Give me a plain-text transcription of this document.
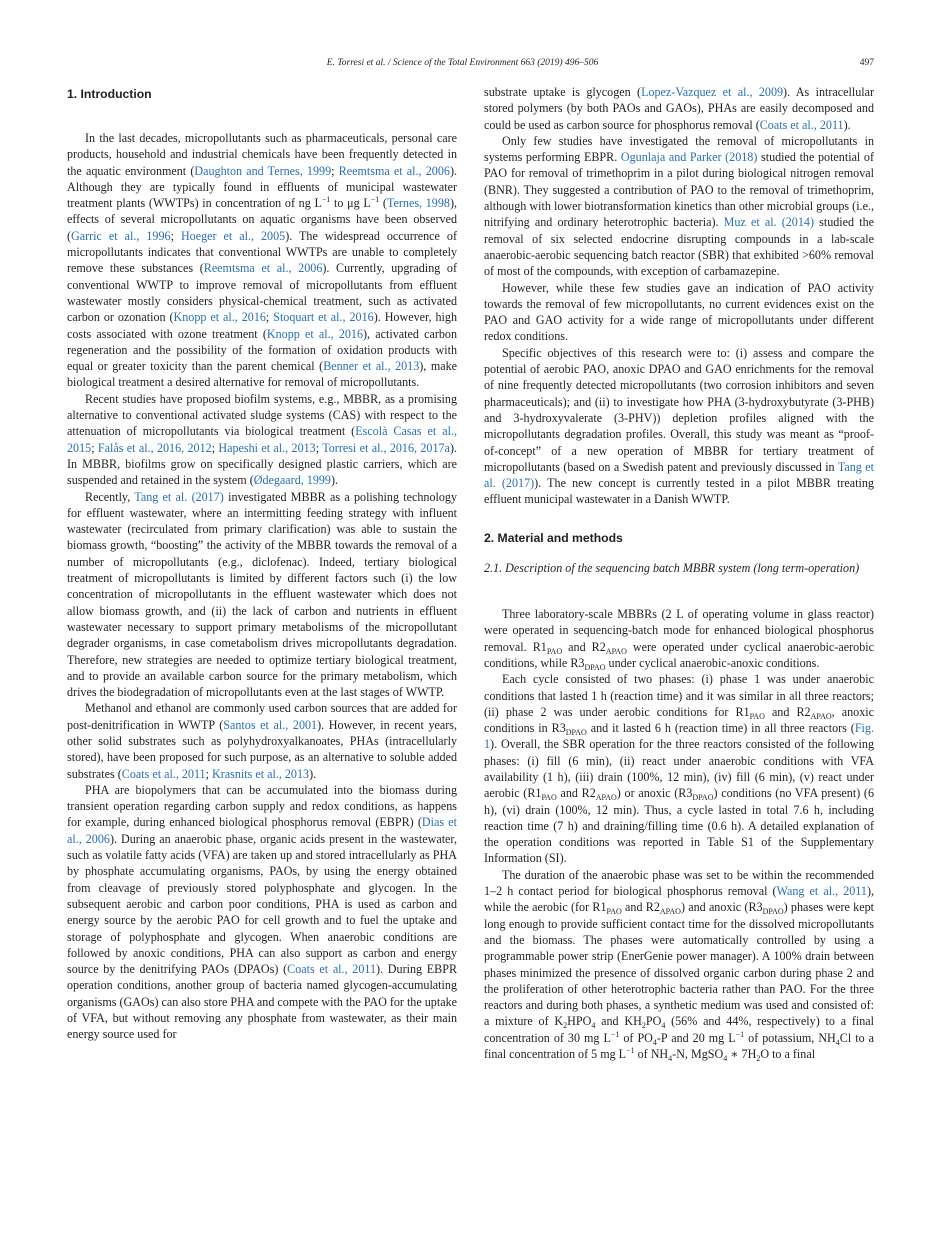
E. Torresi et al. / Science of the Total Environment 663 (2019) 496–506	497
1. Introduction

In the last decades, micropollutants such as pharmaceuticals, personal care products, household and industrial chemicals have been frequently detected in the aquatic environment (Daughton and Ternes, 1999; Reemtsma et al., 2006). Although they are typically found in effluents of municipal wastewater treatment plants (WWTPs) in concentration of ng $L^{-1}$ to μg $L^{-1}$ (Ternes, 1998), effects of several micropollutants on aquatic organisms have been observed (Garric et al., 1996; Hoeger et al., 2005). The widespread occurrence of micropollutants indicates that conventional WWTPs are unable to completely remove these substances (Reemtsma et al., 2006). Currently, upgrading of conventional WWTP to improve removal of micropollutants from effluent wastewater mostly considers physical-chemical treatment, such as activated carbon or ozonation (Knopp et al., 2016; Stoquart et al., 2016). However, high costs associated with ozone treatment (Knopp et al., 2016), activated carbon regeneration and the possibility of the formation of oxidation products with equal or greater toxicity than the parent chemical (Benner et al., 2013), make biological treatment a desired alternative for removal of micropollutants.

Recent studies have proposed biofilm systems, e.g., MBBR, as a promising alternative to conventional activated sludge systems (CAS) with respect to the attenuation of micropollutants via biological treatment (Escolà Casas et al., 2015; Falås et al., 2016, 2012; Hapeshi et al., 2013; Torresi et al., 2016, 2017a). In MBBR, biofilms grow on specifically designed plastic carriers, which are suspended and retained in the system (Ødegaard, 1999).

Recently, Tang et al. (2017) investigated MBBR as a polishing technology for effluent wastewater, where an intermitting feeding strategy with influent wastewater (recirculated from primary clarification) was able to sustain the biomass growth, “boosting” the activity of the MBBR towards the removal of a number of micropollutants (e.g., diclofenac). Indeed, tertiary biological treatment of micropollutants is limited by different factors such (i) the low concentration of micropollutants in the effluent wastewater which does not allow biomass growth, and (ii) the lack of carbon and nutrients in effluent wastewater necessary to support primary metabolisms of the micropollutant degrader organisms, in case cometabolism drives micropollutants degradation. Therefore, new strategies are needed to optimize tertiary biological treatment, and to provide an available carbon source for the primary metabolism, which drives the biodegradation of micropollutants even at the last stages of WWTP.

Methanol and ethanol are commonly used carbon sources that are added for post-denitrification in WWTP (Santos et al., 2001). However, in recent years, other solid substrates such as polyhydroxyalkanoates, PHAs (intracellularly stored), have been proposed for such purpose, as an alternative to soluble added substrates (Coats et al., 2011; Krasnits et al., 2013).

PHA are biopolymers that can be accumulated into the biomass during transient operation regarding carbon supply and redox conditions, as happens for example, during enhanced biological phosphorus removal (EBPR) (Dias et al., 2006). During an anaerobic phase, organic acids present in the wastewater, such as volatile fatty acids (VFA) are taken up and stored intracellularly as PHA by phosphate accumulating organisms, PAOs, by using the energy obtained from cleavage of previously stored polyphosphate and glycogen. In the subsequent aerobic and carbon poor conditions, PHA is used as carbon and energy source by the aerobic PAO for cell growth and to fuel the uptake and storage of polyphosphate and glycogen. When anaerobic conditions are followed by anoxic conditions, PHA can also support as carbon and energy source by the denitrifying PAOs (DPAOs) (Coats et al., 2011). During EBPR operation conditions, another group of bacteria named glycogen-accumulating organisms (GAOs) can also store PHA and compete with the PAO for the uptake of VFA, but without removing any phosphate from wastewater, as their main energy source used for

substrate uptake is glycogen (Lopez-Vazquez et al., 2009). As intracellular stored polymers (by both PAOs and GAOs), PHAs are easily decomposed and could be used as carbon source for phosphorus removal (Coats et al., 2011).

Only few studies have investigated the removal of micropollutants in systems performing EBPR. Ogunlaja and Parker (2018) studied the potential of PAO for removal of trimethoprim in a pilot during biological nitrogen removal (BNR). They suggested a contribution of PAO to the removal of trimethoprim, although with lower biotransformation kinetics than other microbial groups (i.e., nitrifying and ordinary heterotrophic bacteria). Muz et al. (2014) studied the removal of six selected endocrine disrupting compounds in a lab-scale anaerobic-aerobic sequencing batch reactor (SBR) that exhibited >60% removal of most of the compounds, with exception of carbamazepine.

However, while these few studies gave an indication of PAO activity towards the removal of few micropollutants, no current evidences exist on the PAO and GAO activity for a wide range of micropollutants under different redox conditions.

Specific objectives of this research were to: (i) assess and compare the potential of aerobic PAO, anoxic DPAO and GAO enrichments for the removal of nine frequently detected micropollutants (two corrosion inhibitors and seven pharmaceuticals); and (ii) to investigate how PHA (3-hydroxybutyrate (3-PHB) and 3-hydroxyvalerate (3-PHV)) depletion profiles aligned with the micropollutants degradation profiles. Overall, this study was meant as “proof-of-concept” of a new operation of MBBR for tertiary treatment of micropollutants (based on a Swedish patent and previously discussed in Tang et al. (2017)). The new concept is currently tested in a pilot MBBR treating effluent municipal wastewater in a Danish WWTP.

2. Material and methods
2.1. Description of the sequencing batch MBBR system (long term-operation)

Three laboratory-scale MBBRs (2 L of operating volume in glass reactor) were operated in sequencing-batch mode for enhanced biological phosphorus removal. $R1_{PAO}$ and $R2_{APAO}$ were operated under cyclical anaerobic-aerobic conditions, while $R3_{DPAO}$ under cyclical anaerobic-anoxic conditions.

Each cycle consisted of two phases: (i) phase 1 was under anaerobic conditions that lasted 1 h (reaction time) and it was similar in all three reactors; (ii) phase 2 was under aerobic conditions for $R1_{PAO}$ and $R2_{APAO}$, anoxic conditions in $R3_{DPAO}$ and it lasted 6 h (reaction time) in all three reactors (Fig. 1). Overall, the SBR operation for the three reactors consisted of the following phases: (i) fill (6 min), (ii) react under anaerobic conditions with VFA availability (1 h), (iii) drain (100%, 12 min), (iv) fill (6 min), (v) react under aerobic ($R1_{PAO}$ and $R2_{APAO}$) or anoxic $(R3_{DPAO})$ conditions (no VFA present) (6 h), (vi) drain (100%, 12 min). Thus, a cycle lasted in total 7.6 h, including reaction time (7 h) and draining/filling time (0.6 h). A detailed explanation of the operation conditions was reported in Table S1 of the Supplementary Information (SI).

The duration of the anaerobic phase was set to be within the recommended 1–2 h contact period for biological phosphorus removal (Wang et al., 2011), while the aerobic (for $R1_{PAO}$ and $R2_{APAO}$) and anoxic $(R3_{DPAO})$ phases were kept long enough to provide sufficient contact time for the dissolved micropollutants and the biomass. The phases were automatically controlled by using a programmable power strip (EnerGenie power manager). A 100% drain between phases minimized the presence of dissolved organic carbon during phase 2 and the proliferation of other heterotrophic bacteria rather than PAO. For the three reactors and during both phases, a synthetic medium was used and consisted of: a mixture of $K_2HPO_4$ and $KH_2PO_4$ (56% and 44%, respectively) to a final concentration of 30 mg $L^{-1}$ of $PO_4-P$ and 20 mg $L^{-1}$ of potassium, $NH_4Cl$ to a final concentration of 5 mg $L^{-1}$ of $NH_4-N$, MgSO$_4$ ∗ $7H_2O$ to a final
